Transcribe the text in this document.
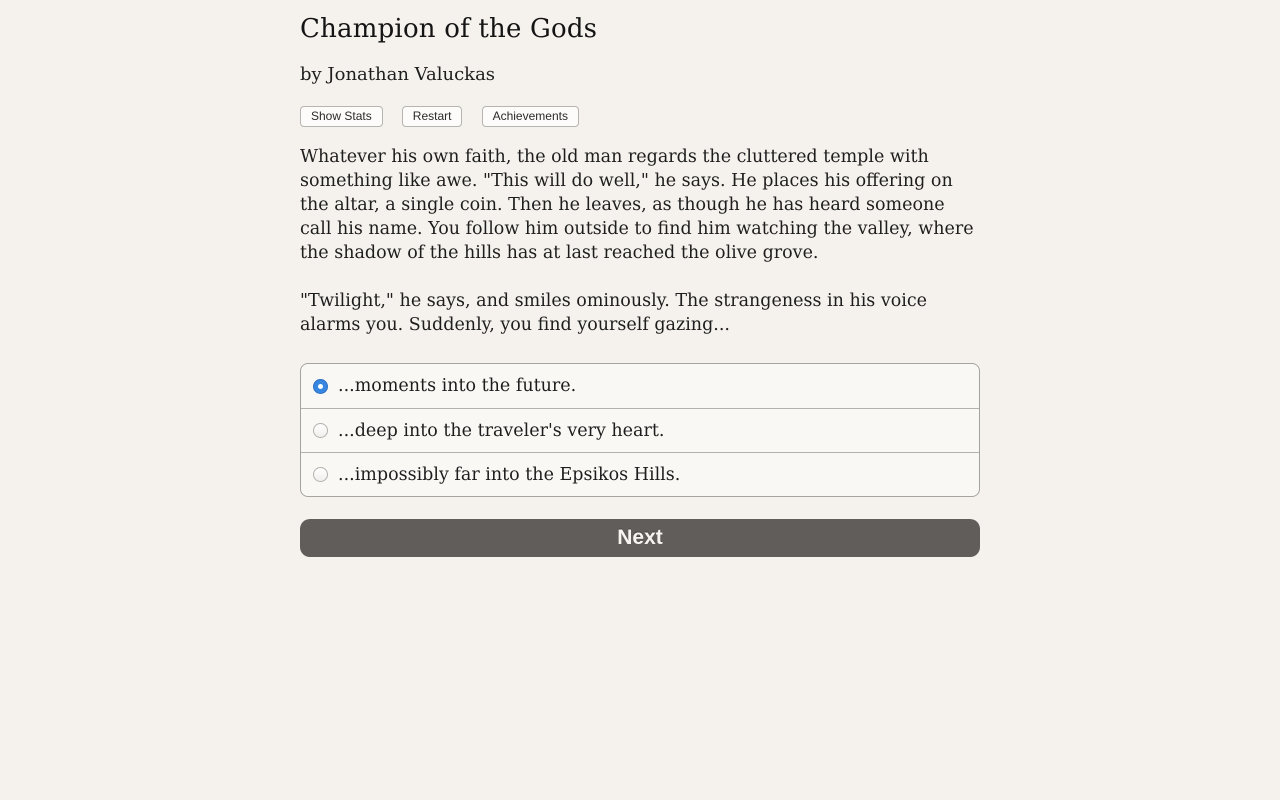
Champion of the Gods
by Jonathan Valuckas
Show Stats	Restart	Achievements

Whatever his own faith, the old man regards the cluttered temple with something like awe. "This will do well," he says. He places his offering on the altar, a single coin. Then he leaves, as though he has heard someone call his name. You follow him outside to find him watching the valley, where the shadow of the hills has at last reached the olive grove.

"Twilight," he says, and smiles ominously. The strangeness in his voice alarms you. Suddenly, you find yourself gazing...

...moments into the future.
...deep into the traveler's very heart.
...impossibly far into the Epsikos Hills.
Next
